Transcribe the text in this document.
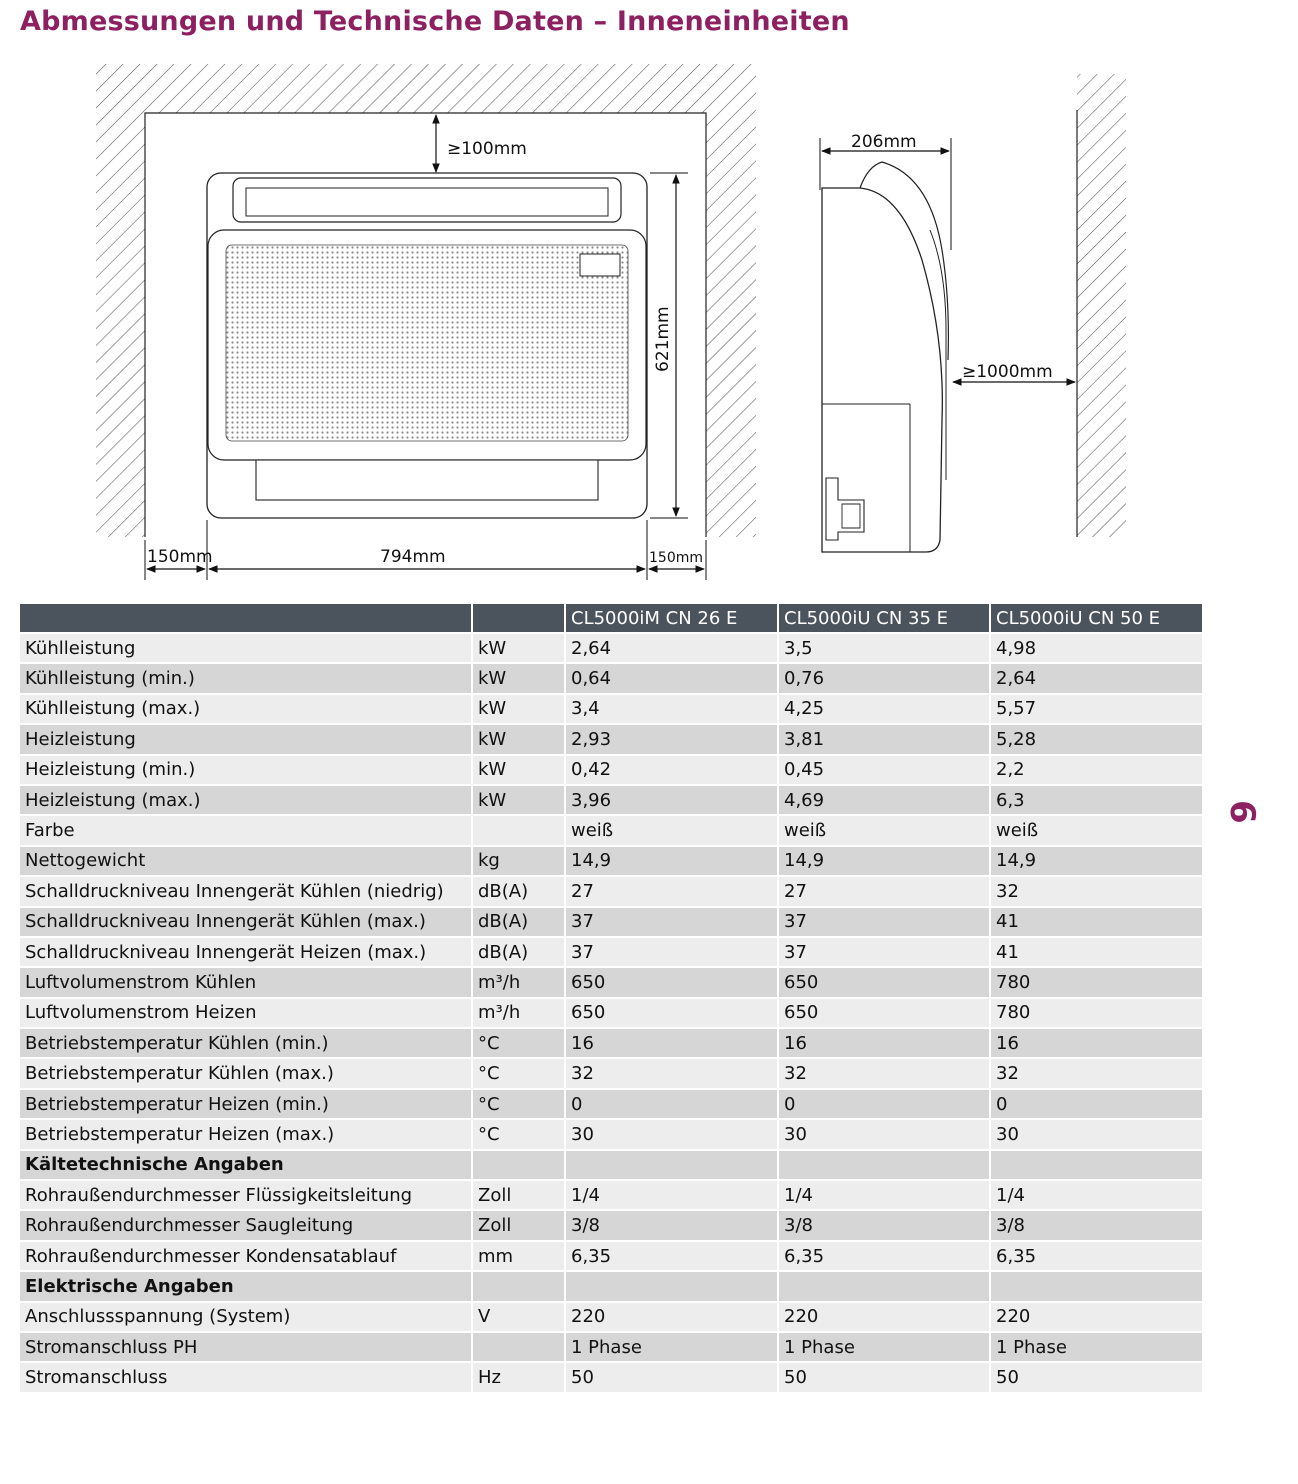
Abmessungen und Technische Daten – Inneneinheiten
≥100mm
621mm
150mm	794mm	150mm
206mm
≥1000mm
		CL5000iM CN 26 E	CL5000iU CN 35 E	CL5000iU CN 50 E
Kühlleistung	kW	2,64	3,5	4,98
Kühlleistung (min.)	kW	0,64	0,76	2,64
Kühlleistung (max.)	kW	3,4	4,25	5,57
Heizleistung	kW	2,93	3,81	5,28
Heizleistung (min.)	kW	0,42	0,45	2,2
Heizleistung (max.)	kW	3,96	4,69	6,3
Farbe		weiß	weiß	weiß
Nettogewicht	kg	14,9	14,9	14,9
Schalldruckniveau Innengerät Kühlen (niedrig)	dB(A)	27	27	32
Schalldruckniveau Innengerät Kühlen (max.)	dB(A)	37	37	41
Schalldruckniveau Innengerät Heizen (max.)	dB(A)	37	37	41
Luftvolumenstrom Kühlen	m³/h	650	650	780
Luftvolumenstrom Heizen	m³/h	650	650	780
Betriebstemperatur Kühlen (min.)	°C	16	16	16
Betriebstemperatur Kühlen (max.)	°C	32	32	32
Betriebstemperatur Heizen (min.)	°C	0	0	0
Betriebstemperatur Heizen (max.)	°C	30	30	30
Kältetechnische Angaben				
Rohraußendurchmesser Flüssigkeitsleitung	Zoll	1/4	1/4	1/4
Rohraußendurchmesser Saugleitung	Zoll	3/8	3/8	3/8
Rohraußendurchmesser Kondensatablauf	mm	6,35	6,35	6,35
Elektrische Angaben				
Anschlussspannung (System)	V	220	220	220
Stromanschluss PH		1 Phase	1 Phase	1 Phase
Stromanschluss	Hz	50	50	50
6
